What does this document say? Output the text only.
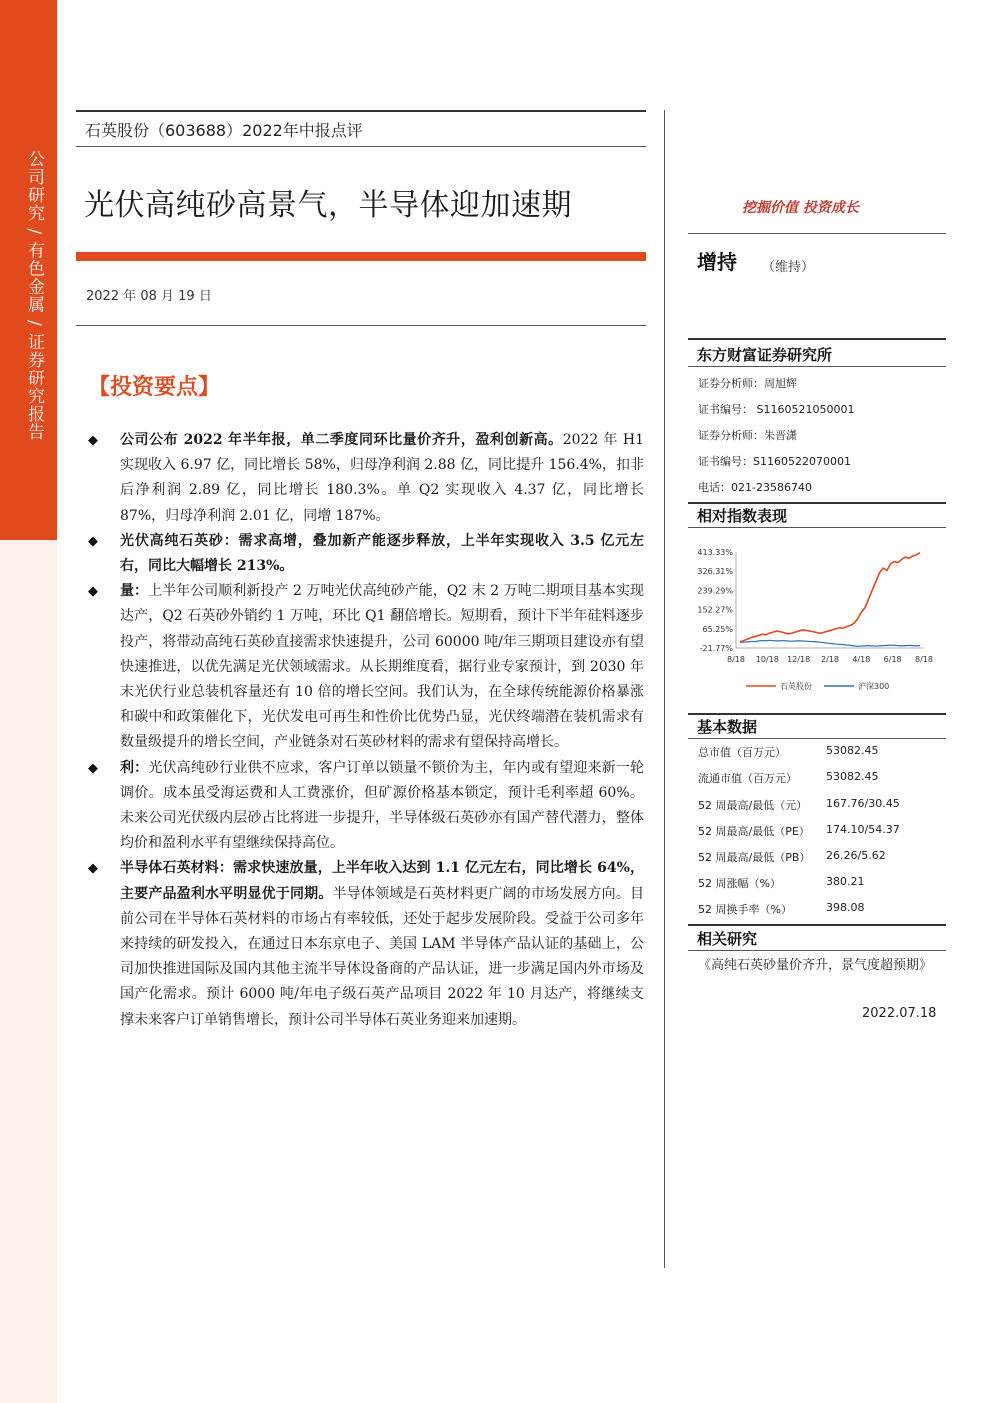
公司研究 / 有色金属 / 证券研究报告
石英股份（603688）2022年中报点评
光伏高纯砂高景气，半导体迎加速期
2022 年 08 月 19 日
【投资要点】
◆ 公司公布 2022 年半年报，单二季度同环比量价齐升，盈利创新高。2022 年 H1 实现收入 6.97 亿，同比增长 58%，归母净利润 2.88 亿，同比提升 156.4%，扣非后净利润 2.89 亿，同比增长 180.3%。单 Q2 实现收入 4.37 亿，同比增长 87%，归母净利润 2.01 亿，同增 187%。
◆ 光伏高纯石英砂：需求高增，叠加新产能逐步释放，上半年实现收入 3.5 亿元左右，同比大幅增长 213%。
◆ 量：上半年公司顺利新投产 2 万吨光伏高纯砂产能，Q2 末 2 万吨二期项目基本实现达产，Q2 石英砂外销约 1 万吨，环比 Q1 翻倍增长。短期看，预计下半年硅料逐步投产，将带动高纯石英砂直接需求快速提升，公司 60000 吨/年三期项目建设亦有望快速推进，以优先满足光伏领域需求。从长期维度看，据行业专家预计，到 2030 年末光伏行业总装机容量还有 10 倍的增长空间。我们认为，在全球传统能源价格暴涨和碳中和政策催化下，光伏发电可再生和性价比优势凸显，光伏终端潜在装机需求有数量级提升的增长空间，产业链条对石英砂材料的需求有望保持高增长。
◆ 利：光伏高纯砂行业供不应求，客户订单以锁量不锁价为主，年内或有望迎来新一轮调价。成本虽受海运费和人工费涨价，但矿源价格基本锁定，预计毛利率超 60%。未来公司光伏级内层砂占比将进一步提升，半导体级石英砂亦有国产替代潜力，整体均价和盈利水平有望继续保持高位。
◆ 半导体石英材料：需求快速放量，上半年收入达到 1.1 亿元左右，同比增长 64%，主要产品盈利水平明显优于同期。半导体领域是石英材料更广阔的市场发展方向。目前公司在半导体石英材料的市场占有率较低，还处于起步发展阶段。受益于公司多年来持续的研发投入，在通过日本东京电子、美国 LAM 半导体产品认证的基础上，公司加快推进国际及国内其他主流半导体设备商的产品认证，进一步满足国内外市场及国产化需求。预计 6000 吨/年电子级石英产品项目 2022 年 10 月达产，将继续支撑未来客户订单销售增长，预计公司半导体石英业务迎来加速期。
挖掘价值 投资成长
增持 （维持）
东方财富证券研究所
证券分析师：周旭辉
证书编号： S1160521050001
证券分析师：朱晋潇
证书编号：S1160522070001
电话：021-23586740
相对指数表现
413.33%
326.31%
239.29%
152.27%
65.25%
-21.77%
8/18 10/18 12/18 2/18 4/18 6/18 8/18
石英股份	沪深300
基本数据
总市值（百万元）	53082.45
流通市值（百万元）	53082.45
52 周最高/最低（元） 167.76/30.45
52 周最高/最低（PE） 174.10/54.37
52 周最高/最低（PB） 26.26/5.62
52 周涨幅（%）	380.21
52 周换手率（%）	398.08
相关研究
《高纯石英砂量价齐升，景气度超预期》
2022.07.18
